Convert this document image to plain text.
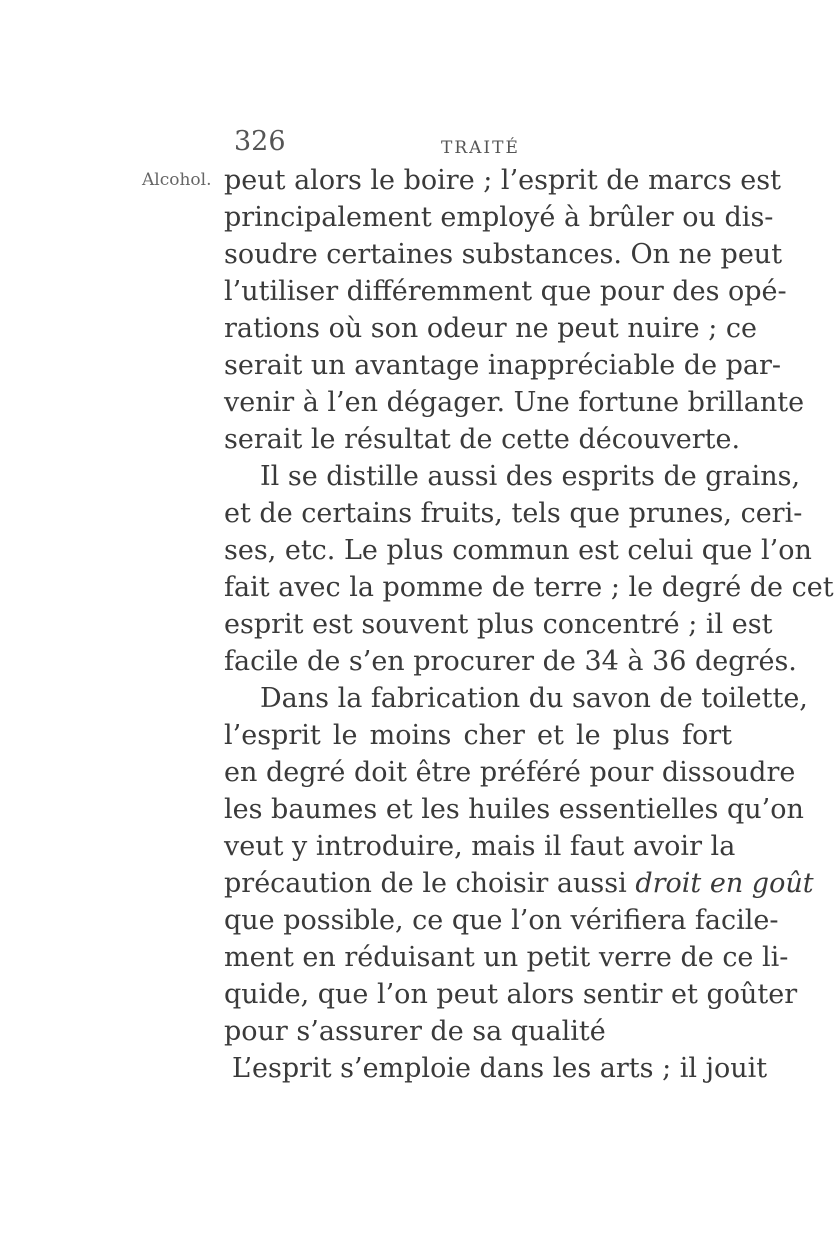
326	TRAITÉ
Alcohol. peut alors le boire ; l’esprit de marcs est
principalement employé à brûler ou dis-
soudre certaines substances. On ne peut
l’utiliser différemment que pour des opé-
rations où son odeur ne peut nuire ; ce
serait un avantage inappréciable de par-
venir à l’en dégager. Une fortune brillante
serait le résultat de cette découverte.
Il se distille aussi des esprits de grains,
et de certains fruits, tels que prunes, ceri-
ses, etc. Le plus commun est celui que l’on
fait avec la pomme de terre ; le degré de cet
esprit est souvent plus concentré ; il est
facile de s’en procurer de 34 à 36 degrés.
Dans la fabrication du savon de toilette,
l’esprit le moins cher et le plus fort
en degré doit être préféré pour dissoudre
les baumes et les huiles essentielles qu’on
veut y introduire, mais il faut avoir la
précaution de le choisir aussi droit en goût
que possible, ce que l’on vérifiera facile-
ment en réduisant un petit verre de ce li-
quide, que l’on peut alors sentir et goûter
pour s’assurer de sa qualité
L’esprit s’emploie dans les arts ; il jouit
